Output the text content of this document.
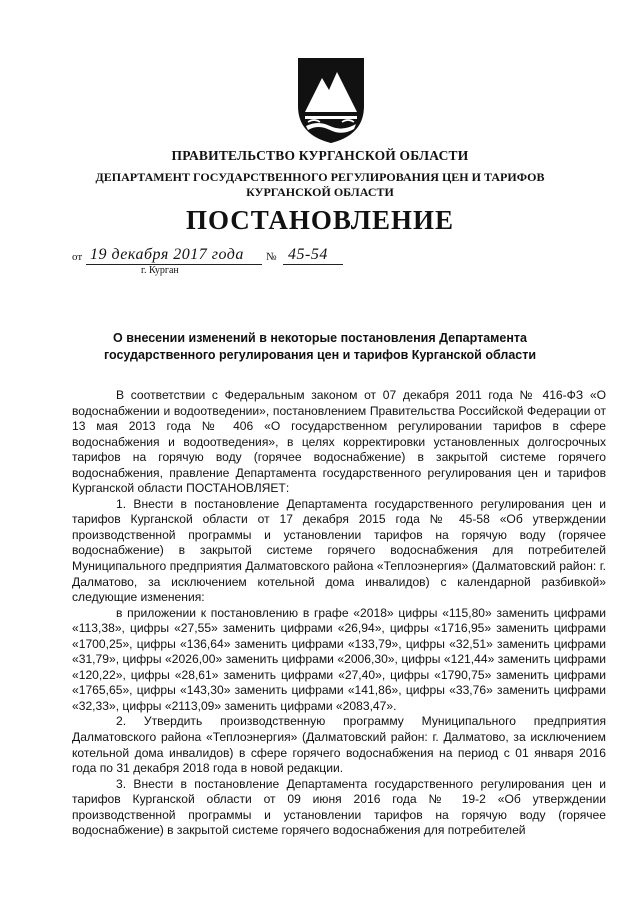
ПРАВИТЕЛЬСТВО КУРГАНСКОЙ ОБЛАСТИ
ДЕПАРТАМЕНТ ГОСУДАРСТВЕННОГО РЕГУЛИРОВАНИЯ ЦЕН И ТАРИФОВ КУРГАНСКОЙ ОБЛАСТИ
ПОСТАНОВЛЕНИЕ
от 19 декабря 2017 года № 45-54
г. Курган
О внесении изменений в некоторые постановления Департамента государственного регулирования цен и тарифов Курганской области

В соответствии с Федеральным законом от 07 декабря 2011 года № 416-ФЗ «О водоснабжении и водоотведении», постановлением Правительства Российской Федерации от 13 мая 2013 года № 406 «О государственном регулировании тарифов в сфере водоснабжения и водоотведения», в целях корректировки установленных долгосрочных тарифов на горячую воду (горячее водоснабжение) в закрытой системе горячего водоснабжения, правление Департамента государственного регулирования цен и тарифов Курганской области ПОСТАНОВЛЯЕТ:

1. Внести в постановление Департамента государственного регулирования цен и тарифов Курганской области от 17 декабря 2015 года № 45-58 «Об утверждении производственной программы и установлении тарифов на горячую воду (горячее водоснабжение) в закрытой системе горячего водоснабжения для потребителей Муниципального предприятия Далматовского района «Теплоэнергия» (Далматовский район: г. Далматово, за исключением котельной дома инвалидов) с календарной разбивкой» следующие изменения:

в приложении к постановлению в графе «2018» цифры «115,80» заменить цифрами «113,38», цифры «27,55» заменить цифрами «26,94», цифры «1716,95» заменить цифрами «1700,25», цифры «136,64» заменить цифрами «133,79», цифры «32,51» заменить цифрами «31,79», цифры «2026,00» заменить цифрами «2006,30», цифры «121,44» заменить цифрами «120,22», цифры «28,61» заменить цифрами «27,40», цифры «1790,75» заменить цифрами «1765,65», цифры «143,30» заменить цифрами «141,86», цифры «33,76» заменить цифрами «32,33», цифры «2113,09» заменить цифрами «2083,47».

2. Утвердить производственную программу Муниципального предприятия Далматовского района «Теплоэнергия» (Далматовский район: г. Далматово, за исключением котельной дома инвалидов) в сфере горячего водоснабжения на период с 01 января 2016 года по 31 декабря 2018 года в новой редакции.

3. Внести в постановление Департамента государственного регулирования цен и тарифов Курганской области от 09 июня 2016 года № 19-2 «Об утверждении производственной программы и установлении тарифов на горячую воду (горячее водоснабжение) в закрытой системе горячего водоснабжения для потребителей
